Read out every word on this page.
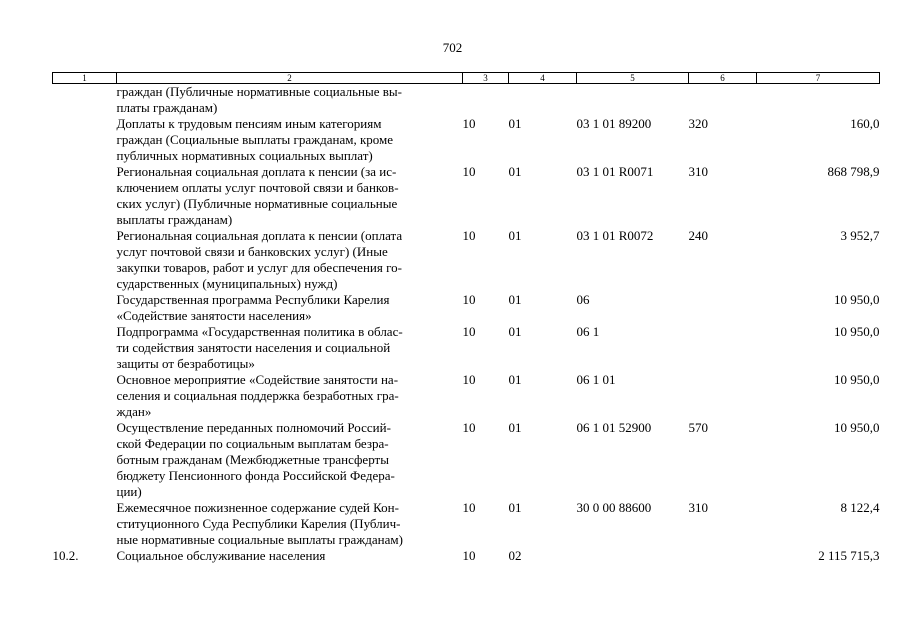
702
1	2	3	4	5	6	7

	граждан (Публичные нормативные социальные вы-
платы гражданам)					

	Доплаты к трудовым пенсиям иным категориям
граждан (Социальные выплаты гражданам, кроме
публичных нормативных социальных выплат)	10	01	03 1 01 89200	320	160,0

	Региональная социальная доплата к пенсии (за ис-
ключением оплаты услуг почтовой связи и банков-
ских услуг) (Публичные нормативные социальные
выплаты гражданам)	10	01	03 1 01 R0071	310	868 798,9

	Региональная социальная доплата к пенсии (оплата
услуг почтовой связи и банковских услуг) (Иные
закупки товаров, работ и услуг для обеспечения го-
сударственных (муниципальных) нужд)	10	01	03 1 01 R0072	240	3 952,7

	Государственная программа Республики Карелия
«Содействие занятости населения»	10	01	06		10 950,0

	Подпрограмма «Государственная политика в облас-
ти содействия занятости населения и социальной
защиты от безработицы»	10	01	06 1		10 950,0

	Основное мероприятие «Содействие занятости на-
селения и социальная поддержка безработных гра-
ждан»	10	01	06 1 01		10 950,0

	Осуществление переданных полномочий Россий-
ской Федерации по социальным выплатам безра-
ботным гражданам (Межбюджетные трансферты
бюджету Пенсионного фонда Российской Федера-
ции)	10	01	06 1 01 52900	570	10 950,0

	Ежемесячное пожизненное содержание судей Кон-
ституционного Суда Республики Карелия (Публич-
ные нормативные социальные выплаты гражданам)	10	01	30 0 00 88600	310	8 122,4
10.2.	Социальное обслуживание населения	10	02			2 115 715,3
